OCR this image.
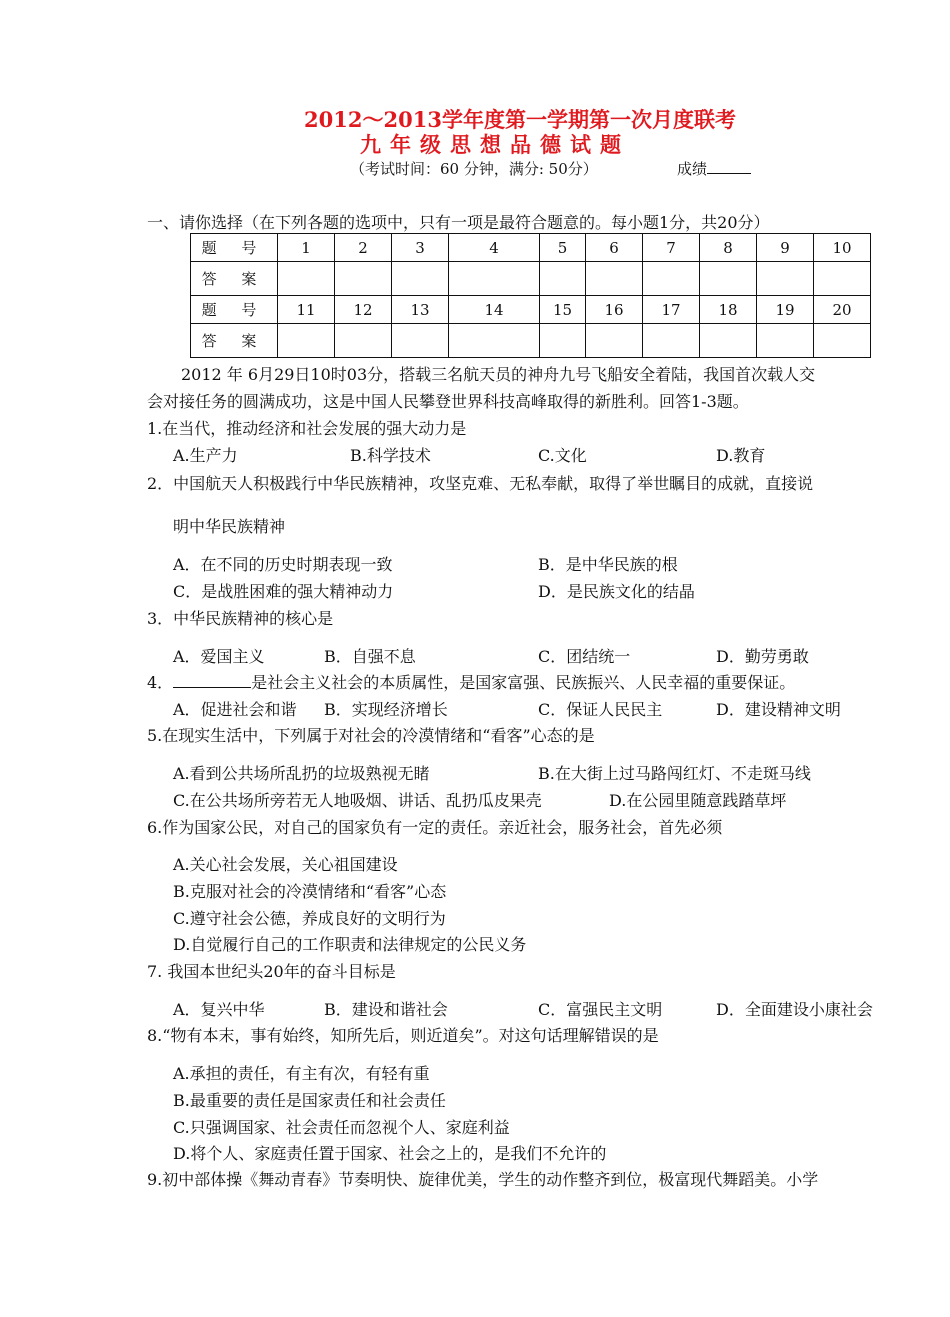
2012～2013学年度第一学期第一次月度联考
九年级思想品德试题
（考试时间：60 分钟，满分: 50分）	成绩
一、请你选择（在下列各题的选项中，只有一项是最符合题意的。每小题1分，共20分）
题 号	1	2	3	4	5	6	7	8	9	10
答 案										
题 号	11	12	13	14	15	16	17	18	19	20
答 案										
2012 年 6月29日10时03分，搭载三名航天员的神舟九号飞船安全着陆，我国首次载人交
会对接任务的圆满成功，这是中国人民攀登世界科技高峰取得的新胜利。回答1-3题。
1.在当代，推动经济和社会发展的强大动力是
A.生产力	B.科学技术	C.文化	D.教育
2．中国航天人积极践行中华民族精神，攻坚克难、无私奉献，取得了举世瞩目的成就，直接说
明中华民族精神
A．在不同的历史时期表现一致	B．是中华民族的根
C．是战胜困难的强大精神动力	D．是民族文化的结晶
3．中华民族精神的核心是
A．爱国主义	B．自强不息	C．团结统一	D．勤劳勇敢
4．	是社会主义社会的本质属性，是国家富强、民族振兴、人民幸福的重要保证。
A．促进社会和谐 B．实现经济增长	C．保证人民民主	D．建设精神文明
5.在现实生活中，下列属于对社会的冷漠情绪和“看客”心态的是
A.看到公共场所乱扔的垃圾熟视无睹	B.在大街上过马路闯红灯、不走斑马线
C.在公共场所旁若无人地吸烟、讲话、乱扔瓜皮果壳	D.在公园里随意践踏草坪
6.作为国家公民，对自己的国家负有一定的责任。亲近社会，服务社会，首先必须
A.关心社会发展，关心祖国建设
B.克服对社会的冷漠情绪和“看客”心态
C.遵守社会公德，养成良好的文明行为
D.自觉履行自己的工作职责和法律规定的公民义务
7. 我国本世纪头20年的奋斗目标是
A．复兴中华	B．建设和谐社会	C．富强民主文明	D．全面建设小康社会
8.“物有本末，事有始终，知所先后，则近道矣”。对这句话理解错误的是
A.承担的责任，有主有次，有轻有重
B.最重要的责任是国家责任和社会责任
C.只强调国家、社会责任而忽视个人、家庭利益
D.将个人、家庭责任置于国家、社会之上的，是我们不允许的
9.初中部体操《舞动青春》节奏明快、旋律优美，学生的动作整齐到位，极富现代舞蹈美。小学
